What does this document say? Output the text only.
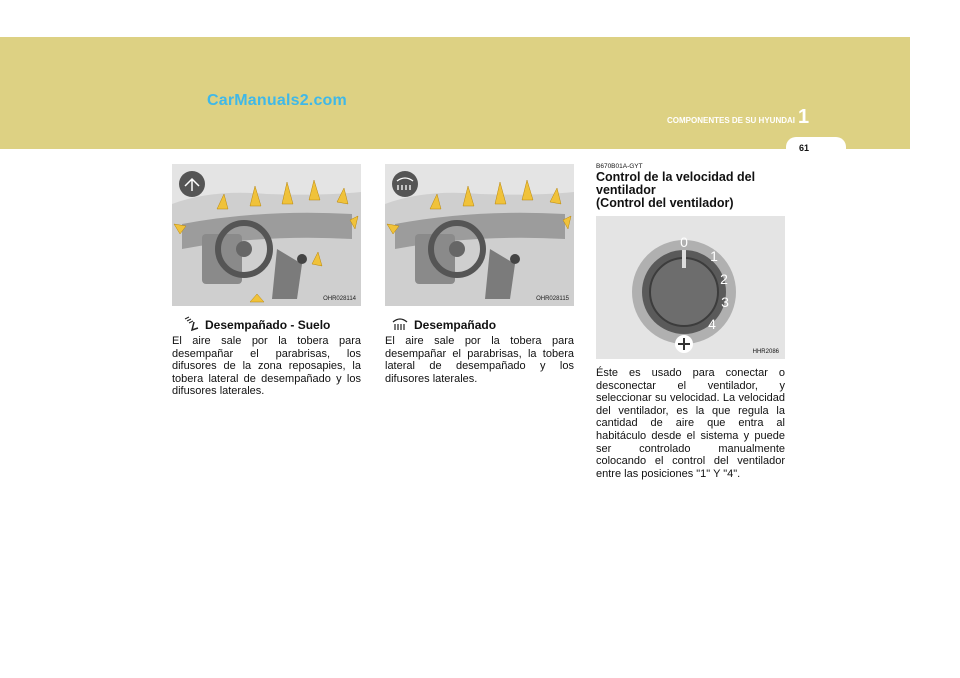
CarManuals2.com
COMPONENTES DE SU HYUNDAI 1
61
OHR028114
Desempañado - Suelo
El aire sale por la tobera para desempañar el parabrisas, los difusores de la zona reposapies, la tobera lateral de desempañado y los difusores laterales.
OHR028115
Desempañado
El aire sale por la tobera para desempañar el parabrisas, la tobera lateral de desempañado y los difusores laterales.
B670B01A-GYT
Control de la velocidad del ventilador
(Control del ventilador)
0
1
2
3
4
HHR2086
Éste es usado para conectar o desconectar el ventilador, y seleccionar su velocidad. La velocidad del ventilador, es la que regula la cantidad de aire que entra al habitáculo desde el sistema y puede ser controlado manualmente colocando el control del ventilador entre las posiciones "1" Y "4".
